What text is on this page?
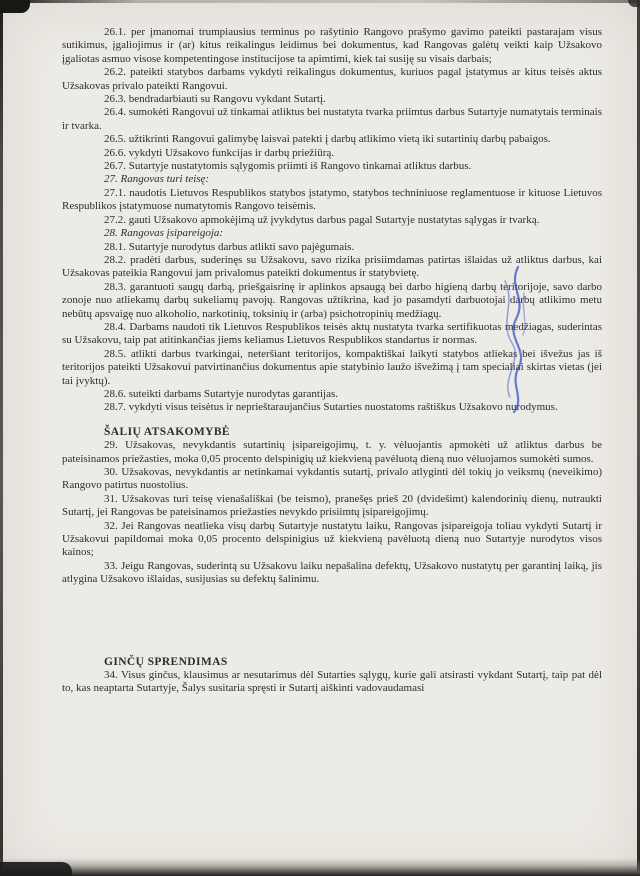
26.1. per įmanomai trumpiausius terminus po rašytinio Rangovo prašymo gavimo pateikti pastarajam visus sutikimus, įgaliojimus ir (ar) kitus reikalingus leidimus bei dokumentus, kad Rangovas galėtų veikti kaip Užsakovo įgaliotas asmuo visose kompetentingose institucijose ta apimtimi, kiek tai susiję su visais darbais;

26.2. pateikti statybos darbams vykdyti reikalingus dokumentus, kuriuos pagal įstatymus ar kitus teisės aktus Užsakovas privalo pateikti Rangovui.

26.3. bendradarbiauti su Rangovu vykdant Sutartį.

26.4. sumokėti Rangovui už tinkamai atliktus bei nustatyta tvarka priimtus darbus Sutartyje numatytais terminais ir tvarka.

26.5. užtikrinti Rangovui galimybę laisvai patekti į darbų atlikimo vietą iki sutartinių darbų pabaigos.

26.6. vykdyti Užsakovo funkcijas ir darbų priežiūrą.

26.7. Sutartyje nustatytomis sąlygomis priimti iš Rangovo tinkamai atliktus darbus.

27. Rangovas turi teisę:

27.1. naudotis Lietuvos Respublikos statybos įstatymo, statybos techniniuose reglamentuose ir kituose Lietuvos Respublikos įstatymuose numatytomis Rangovo teisėmis.

27.2. gauti Užsakovo apmokėjimą už įvykdytus darbus pagal Sutartyje nustatytas sąlygas ir tvarką.

28. Rangovas įsipareigoja:

28.1. Sutartyje nurodytus darbus atlikti savo pajėgumais.

28.2. pradėti darbus, suderinęs su Užsakovu, savo rizika prisiimdamas patirtas išlaidas už atliktus darbus, kai Užsakovas pateikia Rangovui jam privalomus pateikti dokumentus ir statybvietę.

28.3. garantuoti saugų darbą, priešgaisrinę ir aplinkos apsaugą bei darbo higieną darbų teritorijoje, savo darbo zonoje nuo atliekamų darbų sukeliamų pavojų. Rangovas užtikrina, kad jo pasamdyti darbuotojai darbų atlikimo metu nebūtų apsvaigę nuo alkoholio, narkotinių, toksinių ir (arba) psichotropinių medžiagų.

28.4. Darbams naudoti tik Lietuvos Respublikos teisės aktų nustatyta tvarka sertifikuotas medžiagas, suderintas su Užsakovu, taip pat atitinkančias jiems keliamus Lietuvos Respublikos standartus ir normas.

28.5. atlikti darbus tvarkingai, neteršiant teritorijos, kompaktiškai laikyti statybos atliekas bei išvežus jas iš teritorijos pateikti Užsakovui patvirtinančius dokumentus apie statybinio laužo išvežimą į tam specialiai skirtas vietas (jei tai įvyktų).

28.6. suteikti darbams Sutartyje nurodytas garantijas.

28.7. vykdyti visus teisėtus ir neprieštaraujančius Sutarties nuostatoms raštiškus Užsakovo nurodymus.

ŠALIŲ ATSAKOMYBĖ

29. Užsakovas, nevykdantis sutartinių įsipareigojimų, t. y. vėluojantis apmokėti už atliktus darbus be pateisinamos priežasties, moka 0,05 procento delspinigių už kiekvieną pavėluotą dieną nuo vėluojamos sumokėti sumos.

30. Užsakovas, nevykdantis ar netinkamai vykdantis sutartį, privalo atlyginti dėl tokių jo veiksmų (neveikimo) Rangovo patirtus nuostolius.

31. Užsakovas turi teisę vienašališkai (be teismo), pranešęs prieš 20 (dvidešimt) kalendorinių dienų, nutraukti Sutartį, jei Rangovas be pateisinamos priežasties nevykdo prisiimtų įsipareigojimų.

32. Jei Rangovas neatlieka visų darbų Sutartyje nustatytu laiku, Rangovas įsipareigoja toliau vykdyti Sutartį ir Užsakovui papildomai moka 0,05 procento delspinigius už kiekvieną pavėluotą dieną nuo Sutartyje nurodytos visos kainos;

33. Jeigu Rangovas, suderintą su Užsakovu laiku nepašalina defektų, Užsakovo nustatytų per garantinį laiką, jis atlygina Užsakovo išlaidas, susijusias su defektų šalinimu.

GINČŲ SPRENDIMAS

34. Visus ginčus, klausimus ar nesutarimus dėl Sutarties sąlygų, kurie gali atsirasti vykdant Sutartį, taip pat dėl to, kas neaptarta Sutartyje, Šalys susitaria spręsti ir Sutartį aiškinti vadovaudamasi
